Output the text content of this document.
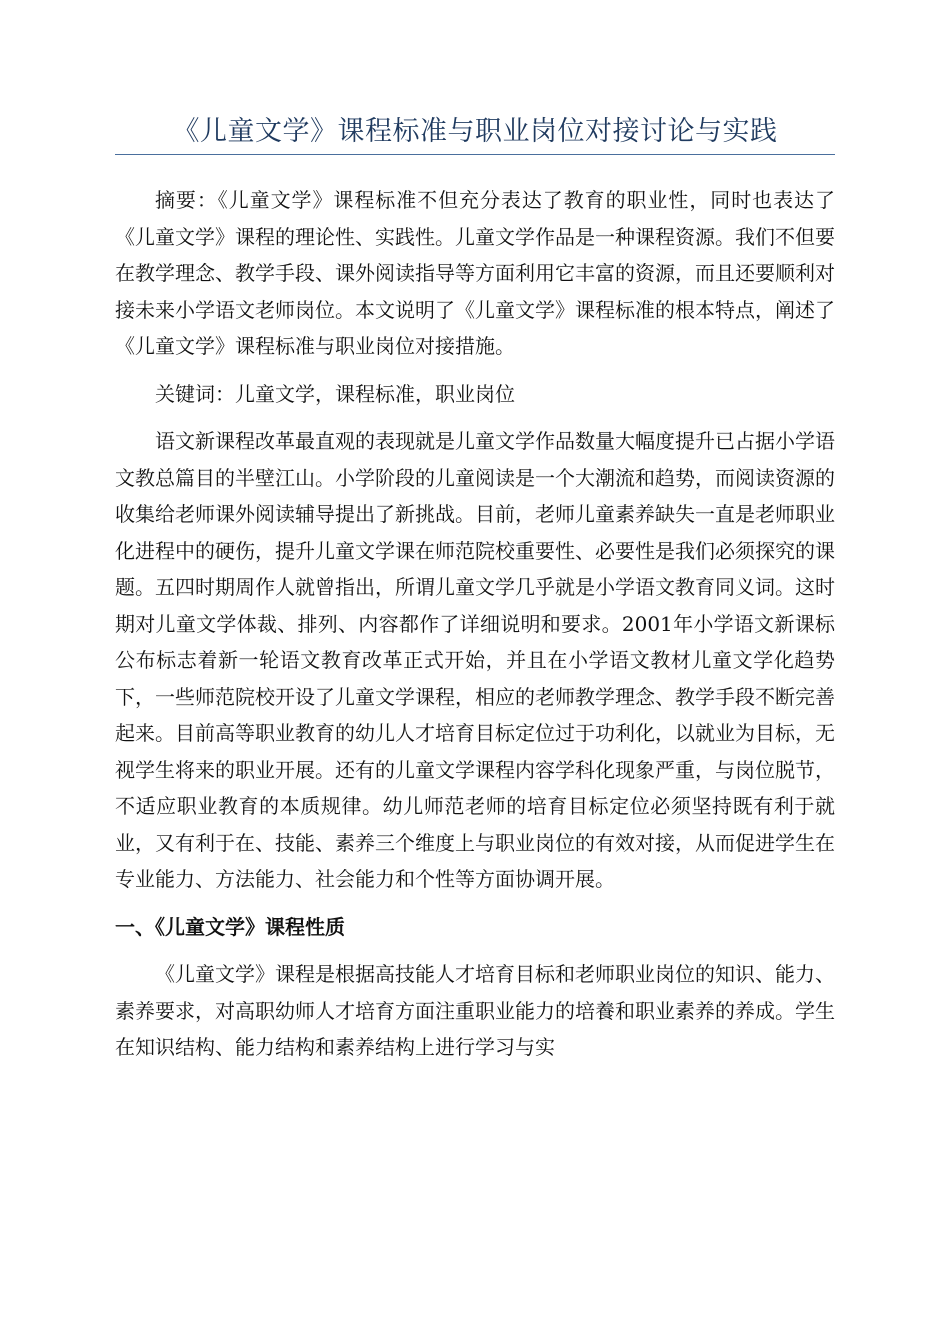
《儿童文学》课程标准与职业岗位对接讨论与实践

摘要：《儿童文学》课程标准不但充分表达了教育的职业性，同时也表达了《儿童文学》课程的理论性、实践性。儿童文学作品是一种课程资源。我们不但要在教学理念、教学手段、课外阅读指导等方面利用它丰富的资源，而且还要顺利对接未来小学语文老师岗位。本文说明了《儿童文学》课程标准的根本特点，阐述了《儿童文学》课程标准与职业岗位对接措施。

关键词：儿童文学，课程标准，职业岗位

语文新课程改革最直观的表现就是儿童文学作品数量大幅度提升已占据小学语文教总篇目的半壁江山。小学阶段的儿童阅读是一个大潮流和趋势，而阅读资源的收集给老师课外阅读辅导提出了新挑战。目前，老师儿童素养缺失一直是老师职业化进程中的硬伤，提升儿童文学课在师范院校重要性、必要性是我们必须探究的课题。五四时期周作人就曾指出，所谓儿童文学几乎就是小学语文教育同义词。这时期对儿童文学体裁、排列、内容都作了详细说明和要求。2001年小学语文新课标公布标志着新一轮语文教育改革正式开始，并且在小学语文教材儿童文学化趋势下，一些师范院校开设了儿童文学课程，相应的老师教学理念、教学手段不断完善起来。目前高等职业教育的幼儿人才培育目标定位过于功利化，以就业为目标，无视学生将来的职业开展。还有的儿童文学课程内容学科化现象严重，与岗位脱节，不适应职业教育的本质规律。幼儿师范老师的培育目标定位必须坚持既有利于就业，又有利于在、技能、素养三个维度上与职业岗位的有效对接，从而促进学生在专业能力、方法能力、社会能力和个性等方面协调开展。

一、《儿童文学》课程性质

《儿童文学》课程是根据高技能人才培育目标和老师职业岗位的知识、能力、素养要求，对高职幼师人才培育方面注重职业能力的培養和职业素养的养成。学生在知识结构、能力结构和素养结构上进行学习与实
